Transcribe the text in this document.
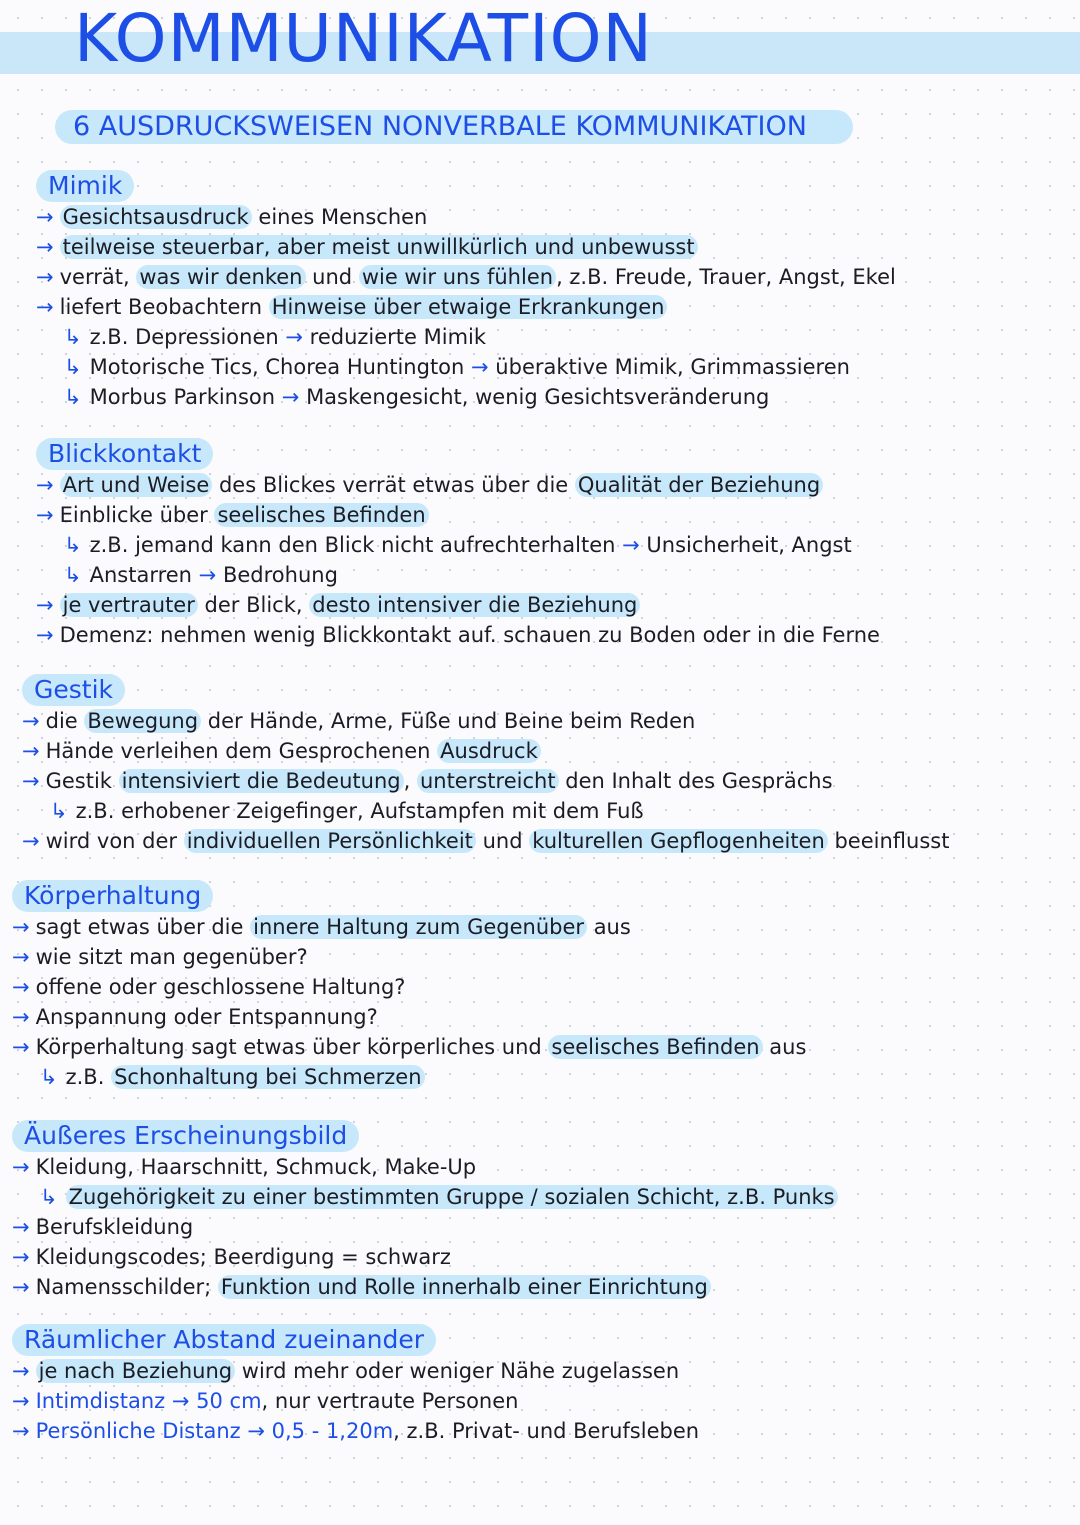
KOMMUNIKATION
6 AUSDRUCKSWEISEN NONVERBALE KOMMUNIKATION
Mimik
→ Gesichtsausdruck eines Menschen
→ teilweise steuerbar, aber meist unwillkürlich und unbewusst
→ verrät, was wir denken und wie wir uns fühlen , z.B. Freude, Trauer, Angst, Ekel
→ liefert Beobachtern Hinweise über etwaige Erkrankungen
↳ z.B. Depressionen → reduzierte Mimik
↳ Motorische Tics, Chorea Huntington → überaktive Mimik, Grimmassieren
↳ Morbus Parkinson → Maskengesicht, wenig Gesichtsveränderung
Blickkontakt
→ Art und Weise des Blickes verrät etwas über die Qualität der Beziehung
→ Einblicke über seelisches Befinden
↳ z.B. jemand kann den Blick nicht aufrechterhalten → Unsicherheit, Angst
↳ Anstarren → Bedrohung
→ je vertrauter der Blick, desto intensiver die Beziehung
→ Demenz: nehmen wenig Blickkontakt auf. schauen zu Boden oder in die Ferne
Gestik
→ die Bewegung der Hände, Arme, Füße und Beine beim Reden
→ Hände verleihen dem Gesprochenen Ausdruck
→ Gestik intensiviert die Bedeutung , unterstreicht den Inhalt des Gesprächs
↳ z.B. erhobener Zeigefinger, Aufstampfen mit dem Fuß
→ wird von der individuellen Persönlichkeit und kulturellen Gepflogenheiten beeinflusst
Körperhaltung
→ sagt etwas über die innere Haltung zum Gegenüber aus
→ wie sitzt man gegenüber?
→ offene oder geschlossene Haltung?
→ Anspannung oder Entspannung?
→ Körperhaltung sagt etwas über körperliches und seelisches Befinden aus
↳ z.B. Schonhaltung bei Schmerzen
Äußeres Erscheinungsbild
→ Kleidung, Haarschnitt, Schmuck, Make-Up
↳ Zugehörigkeit zu einer bestimmten Gruppe / sozialen Schicht, z.B. Punks
→ Berufskleidung
→ Kleidungscodes; Beerdigung = schwarz
→ Namensschilder; Funktion und Rolle innerhalb einer Einrichtung
Räumlicher Abstand zueinander
→ je nach Beziehung wird mehr oder weniger Nähe zugelassen
→ Intimdistanz → 50 cm, nur vertraute Personen
→ Persönliche Distanz → 0,5 - 1,20m, z.B. Privat- und Berufsleben
